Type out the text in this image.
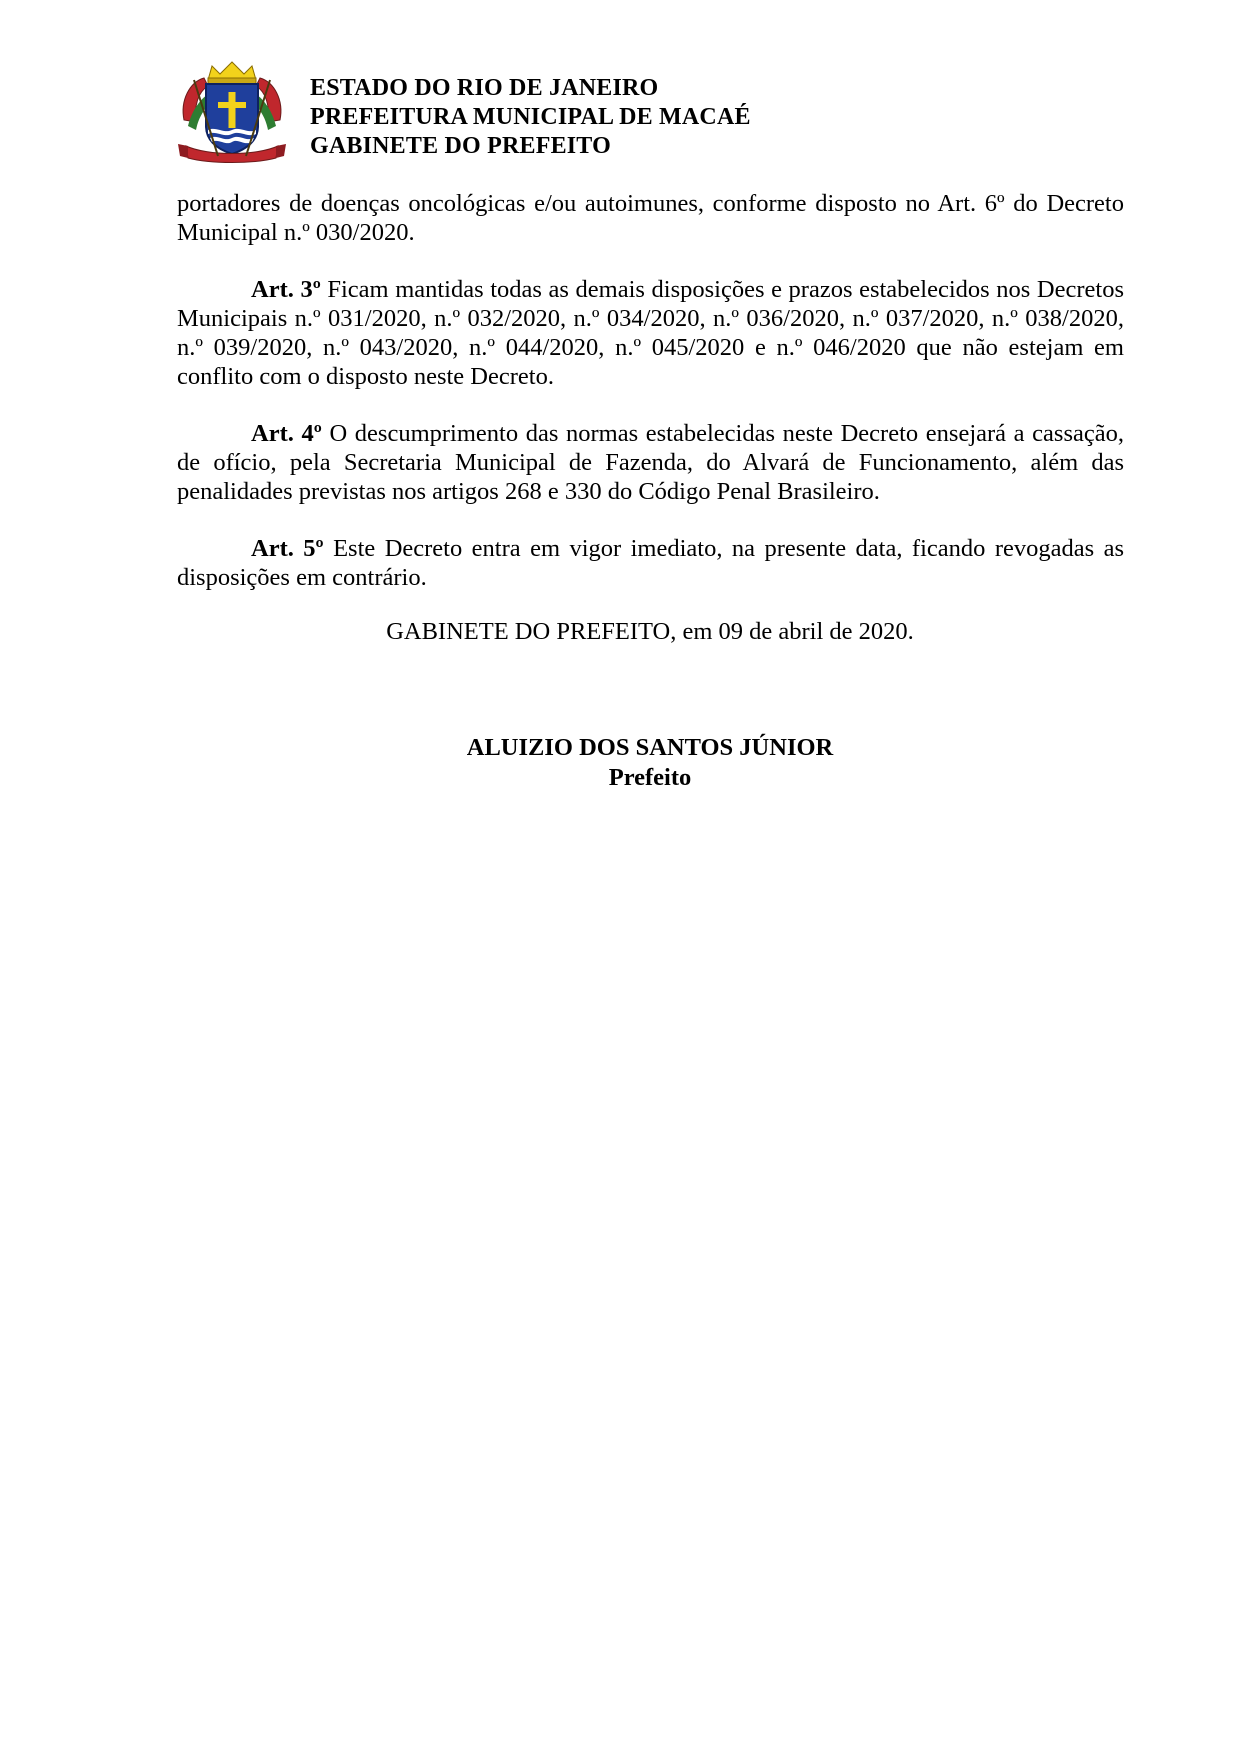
ESTADO DO RIO DE JANEIRO
PREFEITURA MUNICIPAL DE MACAÉ
GABINETE DO PREFEITO

portadores de doenças oncológicas e/ou autoimunes, conforme disposto no Art. 6º do Decreto Municipal n.º 030/2020.

Art. 3º Ficam mantidas todas as demais disposições e prazos estabelecidos nos Decretos Municipais n.º 031/2020, n.º 032/2020, n.º 034/2020, n.º 036/2020, n.º 037/2020, n.º 038/2020, n.º 039/2020, n.º 043/2020, n.º 044/2020, n.º 045/2020 e n.º 046/2020 que não estejam em conflito com o disposto neste Decreto.

Art. 4º O descumprimento das normas estabelecidas neste Decreto ensejará a cassação, de ofício, pela Secretaria Municipal de Fazenda, do Alvará de Funcionamento, além das penalidades previstas nos artigos 268 e 330 do Código Penal Brasileiro.

Art. 5º Este Decreto entra em vigor imediato, na presente data, ficando revogadas as disposições em contrário.

GABINETE DO PREFEITO, em 09 de abril de 2020.
ALUIZIO DOS SANTOS JÚNIOR
Prefeito
